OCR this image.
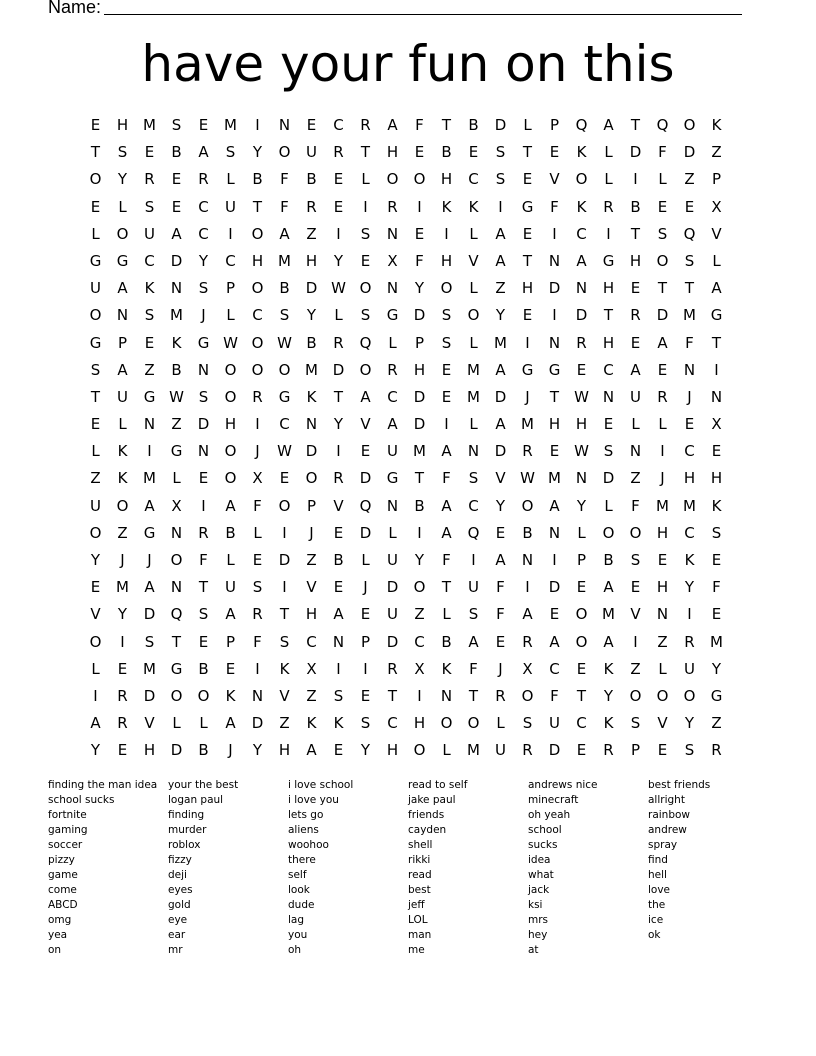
Name:
have your fun on this
E	H M	S	E	M	I	N	E	C	R	A	F	T	B	D	L	P	Q	A	T	Q	O	K
T	S	E	B	A	S	Y	O	U	R	T	H	E	B	E	S	T	E	K	L	D	F	D	Z
O	Y	R	E	R	L	B	F	B	E	L	O	O	H	C	S	E	V	O	L	I	L	Z	P
E	L	S	E	C	U	T	F	R	E	I	R	I	K	K	I	G	F	K	R	B	E	E	X
L	O	U	A	C	I	O	A	Z	I	S	N	E	I	L	A	E	I	C	I	T	S	Q	V
G	G	C	D	Y	C	H M H	Y	E	X	F	H	V	A	T	N	A	G	H	O	S	L
U	A	K	N	S	P	O	B	D W O	N	Y	O	L	Z	H	D	N	H	E	T	T	A
O	N	S	M	J	L	C	S	Y	L	S	G	D	S	O	Y	E	I	D	T	R	D M G
G	P	E	K	G W O W B	R	Q	L	P	S	L	M	I	N	R	H	E	A	F	T
S	A	Z	B	N	O	O	O M D	O	R	H	E	M	A	G	G	E	C	A	E	N	I
T	U	G W S	O	R	G	K	T	A	C	D	E	M D	J	T	W N	U	R	J	N
E	L	N	Z	D	H	I	C	N	Y	V	A	D	I	L	A	M H	H	E	L	L	E	X
L	K	I	G	N	O	J	W D	I	E	U	M	A	N	D	R	E W S	N	I	C	E
Z	K	M	L	E	O	X	E	O	R	D	G	T	F	S	V W M N	D	Z	J	H	H
U	O	A	X	I	A	F	O	P	V	Q	N	B	A	C	Y	O	A	Y	L	F	M M	K
O	Z	G	N	R	B	L	I	J	E	D	L	I	A	Q	E	B	N	L	O	O	H	C	S
Y	J	J	O	F	L	E	D	Z	B	L	U	Y	F	I	A	N	I	P	B	S	E	K	E
E	M	A	N	T	U	S	I	V	E	J	D	O	T	U	F	I	D	E	A	E	H	Y	F
V	Y	D	Q	S	A	R	T	H	A	E	U	Z	L	S	F	A	E	O M	V	N	I	E
O	I	S	T	E	P	F	S	C	N	P	D	C	B	A	E	R	A	O	A	I	Z	R	M
L	E	M G	B	E	I	K	X	I	I	R	X	K	F	J	X	C	E	K	Z	L	U	Y
I	R	D	O	O	K	N	V	Z	S	E	T	I	N	T	R	O	F	T	Y	O	O	O	G
A	R	V	L	L	A	D	Z	K	K	S	C	H	O	O	L	S	U	C	K	S	V	Y	Z
Y	E	H	D	B	J	Y	H	A	E	Y	H	O	L	M	U	R	D	E	R	P	E	S	R
finding the man idea
school sucks
fortnite
gaming
soccer
pizzy
game
come
ABCD
omg
yea
on
your the best
logan paul
finding
murder
roblox
fizzy
deji
eyes
gold
eye
ear
mr
i love school
i love you
lets go
aliens
woohoo
there
self
look
dude
lag
you
oh
read to self
jake paul
friends
cayden
shell
rikki
read
best
jeff
LOL
man
me
andrews nice
minecraft
oh yeah
school
sucks
idea
what
jack
ksi
mrs
hey
at
best friends
allright
rainbow
andrew
spray
find
hell
love
the
ice
ok
